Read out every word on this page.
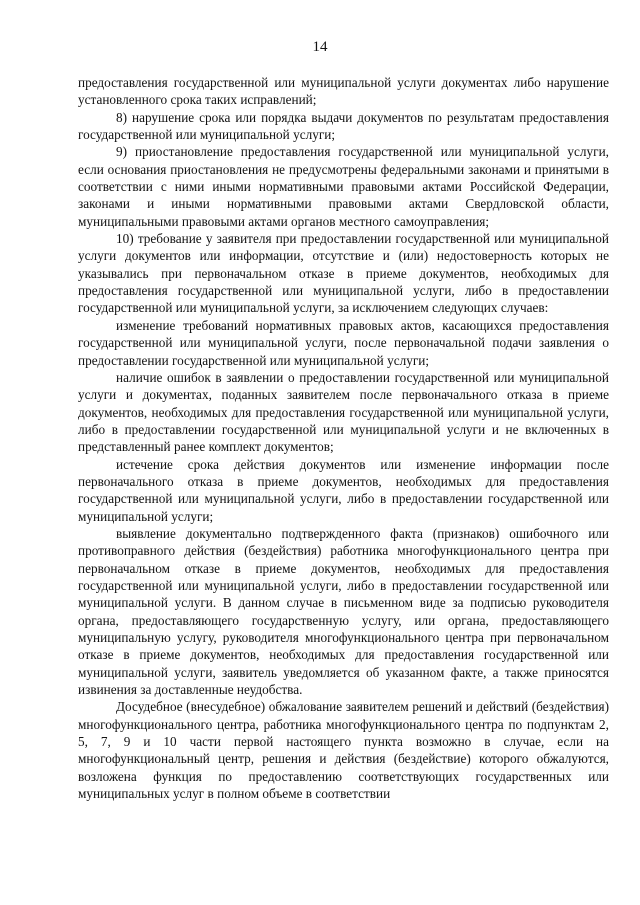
14

предоставления государственной или муниципальной услуги документах либо нарушение установленного срока таких исправлений;

8) нарушение срока или порядка выдачи документов по результатам предоставления государственной или муниципальной услуги;

9) приостановление предоставления государственной или муниципальной услуги, если основания приостановления не предусмотрены федеральными законами и принятыми в соответствии с ними иными нормативными правовыми актами Российской Федерации, законами и иными нормативными правовыми актами Свердловской области, муниципальными правовыми актами органов местного самоуправления;

10) требование у заявителя при предоставлении государственной или муниципальной услуги документов или информации, отсутствие и (или) недостоверность которых не указывались при первоначальном отказе в приеме документов, необходимых для предоставления государственной или муниципальной услуги, либо в предоставлении государственной или муниципальной услуги, за исключением следующих случаев:

изменение требований нормативных правовых актов, касающихся предоставления государственной или муниципальной услуги, после первоначальной подачи заявления о предоставлении государственной или муниципальной услуги;

наличие ошибок в заявлении о предоставлении государственной или муниципальной услуги и документах, поданных заявителем после первоначального отказа в приеме документов, необходимых для предоставления государственной или муниципальной услуги, либо в предоставлении государственной или муниципальной услуги и не включенных в представленный ранее комплект документов;

истечение срока действия документов или изменение информации после первоначального отказа в приеме документов, необходимых для предоставления государственной или муниципальной услуги, либо в предоставлении государственной или муниципальной услуги;

выявление документально подтвержденного факта (признаков) ошибочного или противоправного действия (бездействия) работника многофункционального центра при первоначальном отказе в приеме документов, необходимых для предоставления государственной или муниципальной услуги, либо в предоставлении государственной или муниципальной услуги. В данном случае в письменном виде за подписью руководителя органа, предоставляющего государственную услугу, или органа, предоставляющего муниципальную услугу, руководителя многофункционального центра при первоначальном отказе в приеме документов, необходимых для предоставления государственной или муниципальной услуги, заявитель уведомляется об указанном факте, а также приносятся извинения за доставленные неудобства.

Досудебное (внесудебное) обжалование заявителем решений и действий (бездействия) многофункционального центра, работника многофункционального центра по подпунктам 2, 5, 7, 9 и 10 части первой настоящего пункта возможно в случае, если на многофункциональный центр, решения и действия (бездействие) которого обжалуются, возложена функция по предоставлению соответствующих государственных или муниципальных услуг в полном объеме в соответствии
